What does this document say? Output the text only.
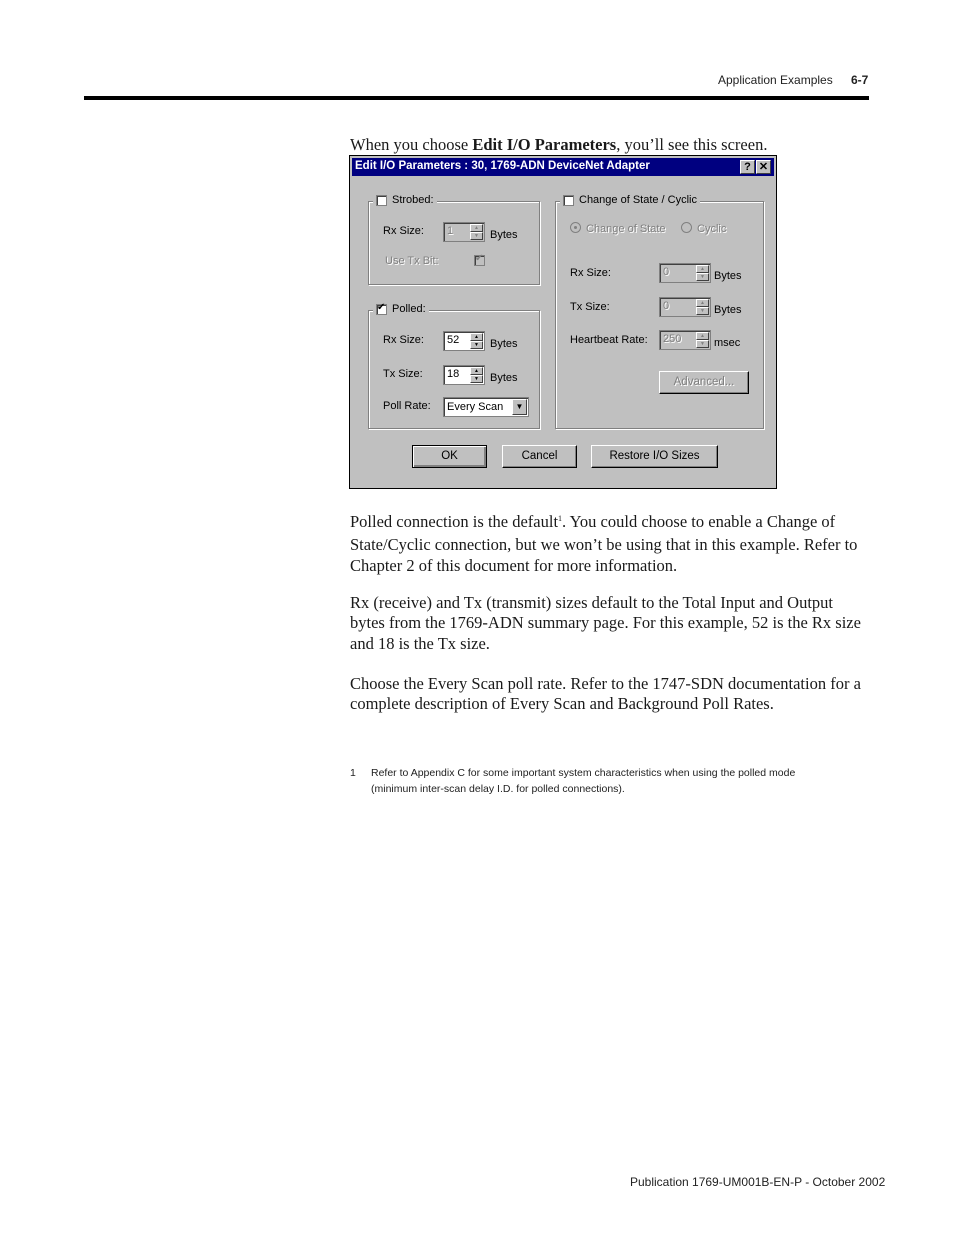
Application Examples 6-7
When you choose Edit I/O Parameters, you’ll see this screen.
Edit I/O Parameters : 30, 1769-ADN DeviceNet Adapter	? ✕
Strobed:
Rx Size: 1	▲
▼	Bytes
Use Tx Bit:
✔
✔
Polled:
Rx Size: 52	▲
▼	Bytes
Tx Size: 18	▲
▼	Bytes
Poll Rate: Every Scan	▼
Change of State / Cyclic
Change of State	Cyclic
Rx Size:	0	▲
▼ Bytes
Tx Size:	0	▲
▼ Bytes
Heartbeat Rate: 250	▲
▼ msec
Advanced...
OK	Cancel	Restore I/O Sizes
Polled connection is the default$^1$. You could choose to enable a Change of State/Cyclic connection, but we won’t be using that in this example. Refer to Chapter 2 of this document for more information.
Rx (receive) and Tx (transmit) sizes default to the Total Input and Output bytes from the 1769-ADN summary page. For this example, 52 is the Rx size and 18 is the Tx size.
Choose the Every Scan poll rate. Refer to the 1747-SDN documentation for a complete description of Every Scan and Background Poll Rates.
1 Refer to Appendix C for some important system characteristics when using the polled mode (minimum inter-scan delay I.D. for polled connections).
Publication 1769-UM001B-EN-P - October 2002
